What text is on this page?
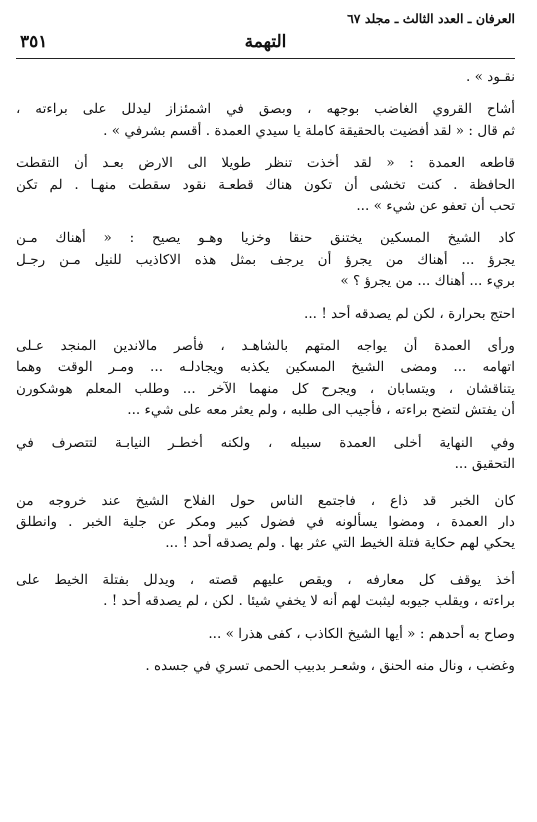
العرفان ـ العدد الثالث ـ مجلد ٦٧
٣٥١	التهمة

نقـود » .

أشاح القروي الغاضب بوجهه ، وبصق في اشمئزاز ليدلل على براءته ،
ثم قال : « لقد أفضيت بالحقيقة كاملة يا سيدي العمدة . أقسم بشرفي » .

قاطعه العمدة : « لقد أخذت تنظر طويلا الى الارض بعـد أن التقطت
الحافظة . كنت تخشى أن تكون هناك قطعـة نقود سقطت منهـا . لم تكن
تحب أن تعفو عن شيء » ...

كاد الشيخ المسكين يختنق حنقا وخزيا وهـو يصيح : « أهناك مـن
يجرؤ ... أهناك من يجرؤ أن يرجف بمثل هذه الاكاذيب للنيل مـن رجـل
بريء ... أهناك ... من يجرؤ ؟ »

احتج بحرارة ، لكن لم يصدقه أحد ! ...

ورأى العمدة أن يواجه المتهم بالشاهـد ، فأصر مالاندين المنجد عـلى
اتهامه ... ومضى الشيخ المسكين يكذبه ويجادلـه ... ومـر الوقت وهما
يتناقشان ، ويتسابان ، ويجرح كل منهما الآخر ... وطلب المعلم هوشكورن
أن يفتش لتضح براءته ، فأجيب الى طلبه ، ولم يعثر معه على شيء ...

وفي النهاية أخلى العمدة سبيله ، ولكنه أخطـر النيابـة لتتصرف في
التحقيق ...

كان الخبر قد ذاع ، فاجتمع الناس حول الفلاح الشيخ عند خروجه من
دار العمدة ، ومضوا يسألونه في فضول كبير ومكر عن جلية الخبر . وانطلق
يحكي لهم حكاية فتلة الخيط التي عثر بها . ولم يصدقه أحد ! ...

أخذ يوقف كل معارفه ، ويقص عليهم قصته ، ويدلل بفتلة الخيط على
براءته ، ويقلب جيوبه ليثبت لهم أنه لا يخفي شيئا . لكن ، لم يصدقه أحد ! .

وصاح به أحدهم : « أيها الشيخ الكاذب ، كفى هذرا » ...

وغضب ، ونال منه الحنق ، وشعـر بدبيب الحمى تسري في جسده .
